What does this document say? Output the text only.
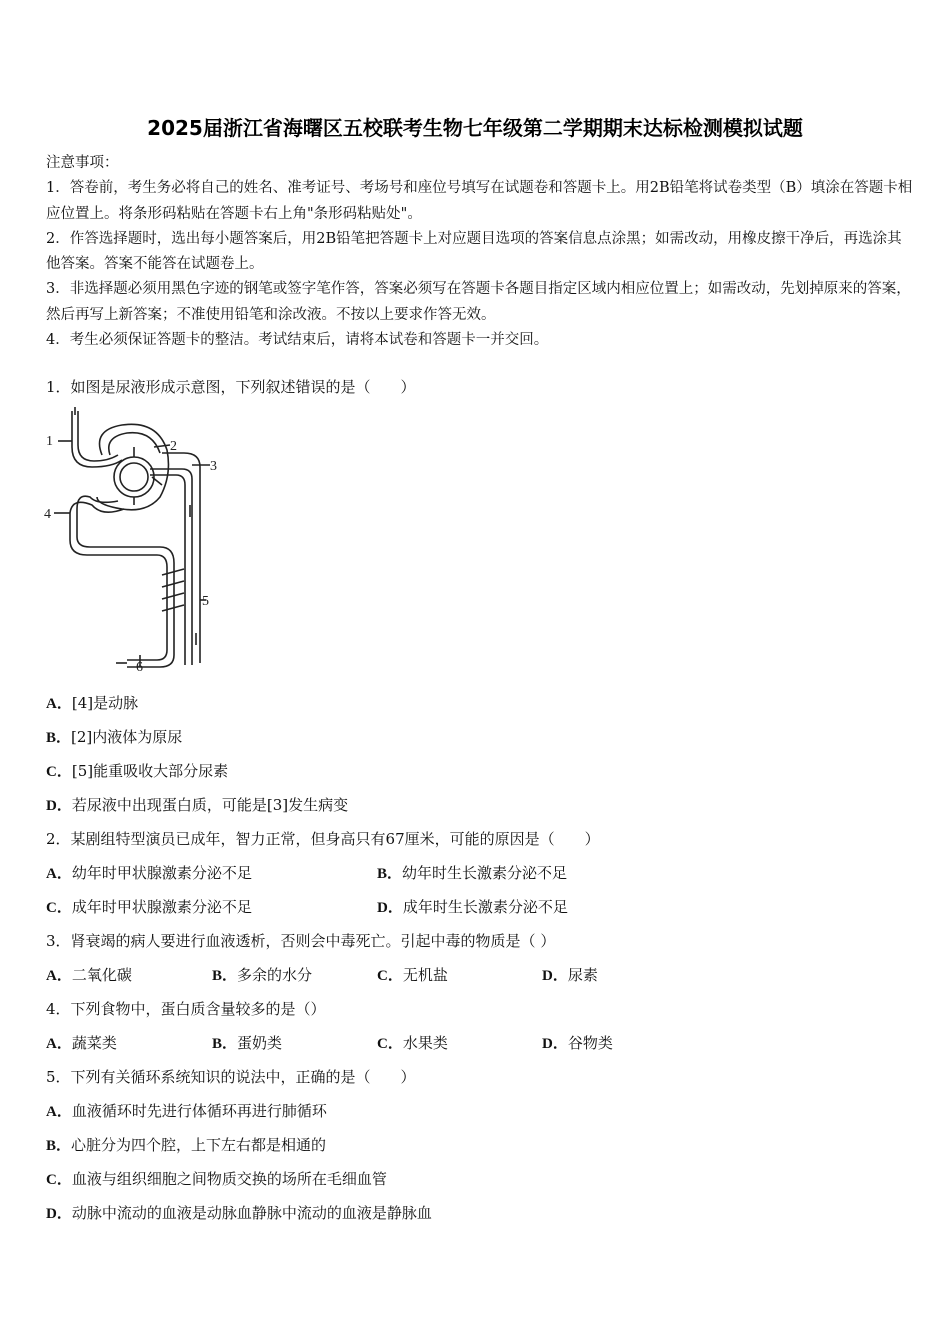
2025届浙江省海曙区五校联考生物七年级第二学期期末达标检测模拟试题

注意事项：

1．答卷前，考生务必将自己的姓名、准考证号、考场号和座位号填写在试题卷和答题卡上。用2B铅笔将试卷类型（B）填涂在答题卡相应位置上。将条形码粘贴在答题卡右上角"条形码粘贴处"。

2．作答选择题时，选出每小题答案后，用2B铅笔把答题卡上对应题目选项的答案信息点涂黑；如需改动，用橡皮擦干净后，再选涂其他答案。答案不能答在试题卷上。

3．非选择题必须用黑色字迹的钢笔或签字笔作答，答案必须写在答题卡各题目指定区域内相应位置上；如需改动，先划掉原来的答案，然后再写上新答案；不准使用铅笔和涂改液。不按以上要求作答无效。

4．考生必须保证答题卡的整洁。考试结束后，请将本试卷和答题卡一并交回。

1．如图是尿液形成示意图，下列叙述错误的是（　　）
1	2
3
4
5
6
A．[4]是动脉
B．[2]内液体为原尿
C．[5]能重吸收大部分尿素
D．若尿液中出现蛋白质，可能是[3]发生病变
2．某剧组特型演员已成年，智力正常，但身高只有67厘米，可能的原因是（　　）
A．幼年时甲状腺激素分泌不足	B．幼年时生长激素分泌不足
C．成年时甲状腺激素分泌不足	D．成年时生长激素分泌不足
3．肾衰竭的病人要进行血液透析，否则会中毒死亡。引起中毒的物质是（ ）
A．二氧化碳	B．多余的水分	C．无机盐	D．尿素
4．下列食物中，蛋白质含量较多的是（）
A．蔬菜类	B．蛋奶类	C．水果类	D．谷物类
5．下列有关循环系统知识的说法中，正确的是（　　）
A．血液循环时先进行体循环再进行肺循环
B．心脏分为四个腔，上下左右都是相通的
C．血液与组织细胞之间物质交换的场所在毛细血管
D．动脉中流动的血液是动脉血静脉中流动的血液是静脉血
